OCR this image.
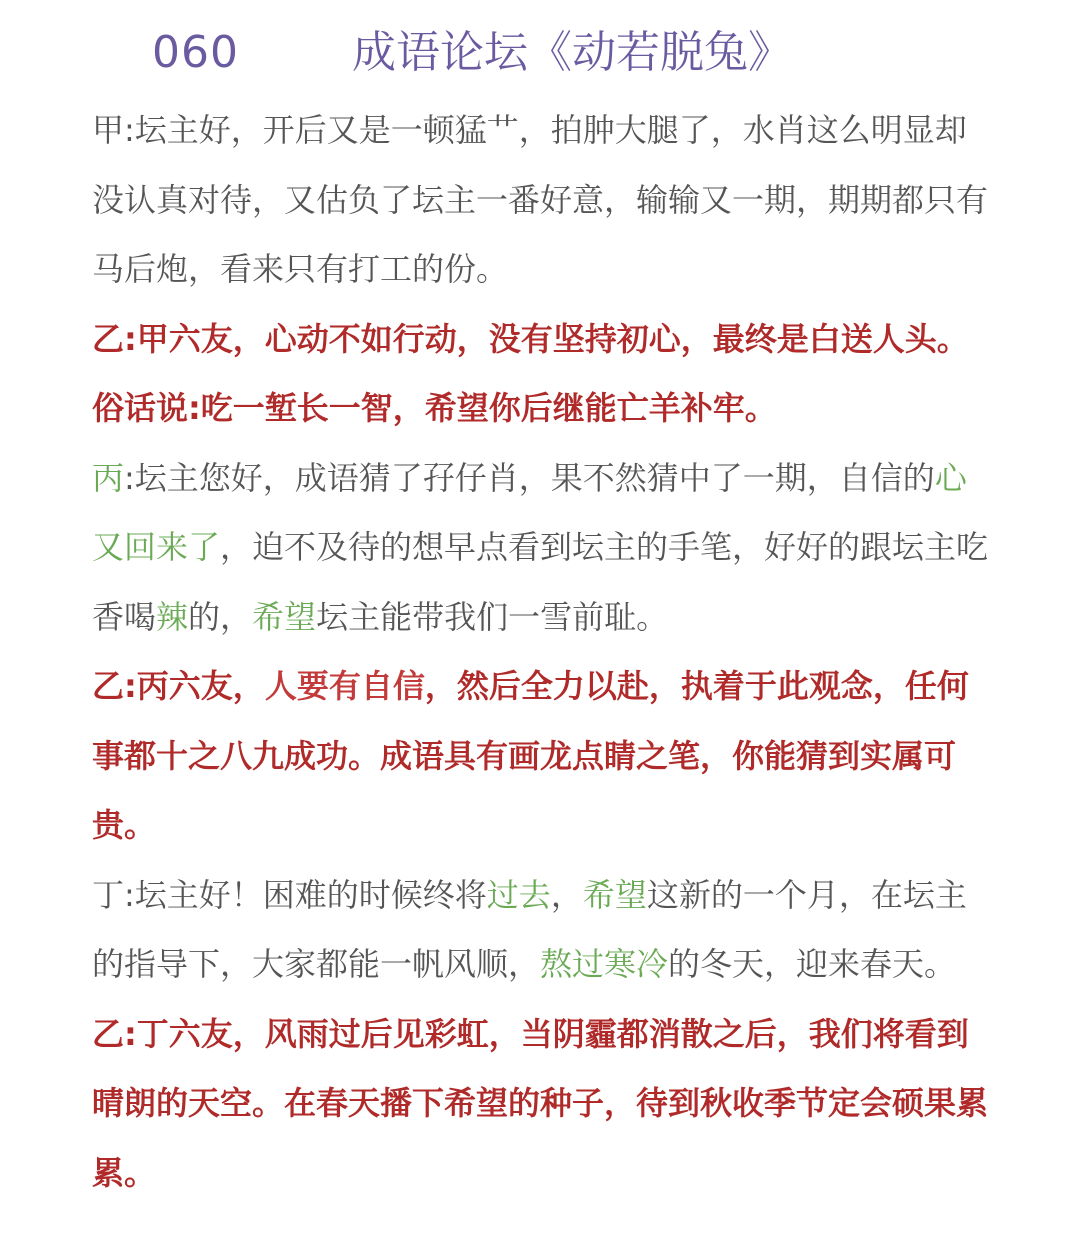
060	成语论坛《动若脱兔》

甲:坛主好，开后又是一顿猛艹，拍肿大腿了，水肖这么明显却没认真对待，又估负了坛主一番好意，输输又一期，期期都只有马后炮，看来只有打工的份。

乙:甲六友，心动不如行动，没有坚持初心，最终是白送人头。俗话说:吃一堑长一智，希望你后继能亡羊补牢。

丙:坛主您好，成语猜了孖仔肖，果不然猜中了一期，自信的心又回来了，迫不及待的想早点看到坛主的手笔，好好的跟坛主吃香喝辣的，希望坛主能带我们一雪前耻。

乙:丙六友，人要有自信，然后全力以赴，执着于此观念，任何事都十之八九成功。成语具有画龙点睛之笔，你能猜到实属可贵。

丁:坛主好！困难的时候终将过去，希望这新的一个月，在坛主的指导下，大家都能一帆风顺，熬过寒冷的冬天，迎来春天。

乙:丁六友，风雨过后见彩虹，当阴霾都消散之后，我们将看到晴朗的天空。在春天播下希望的种子，待到秋收季节定会硕果累累。
